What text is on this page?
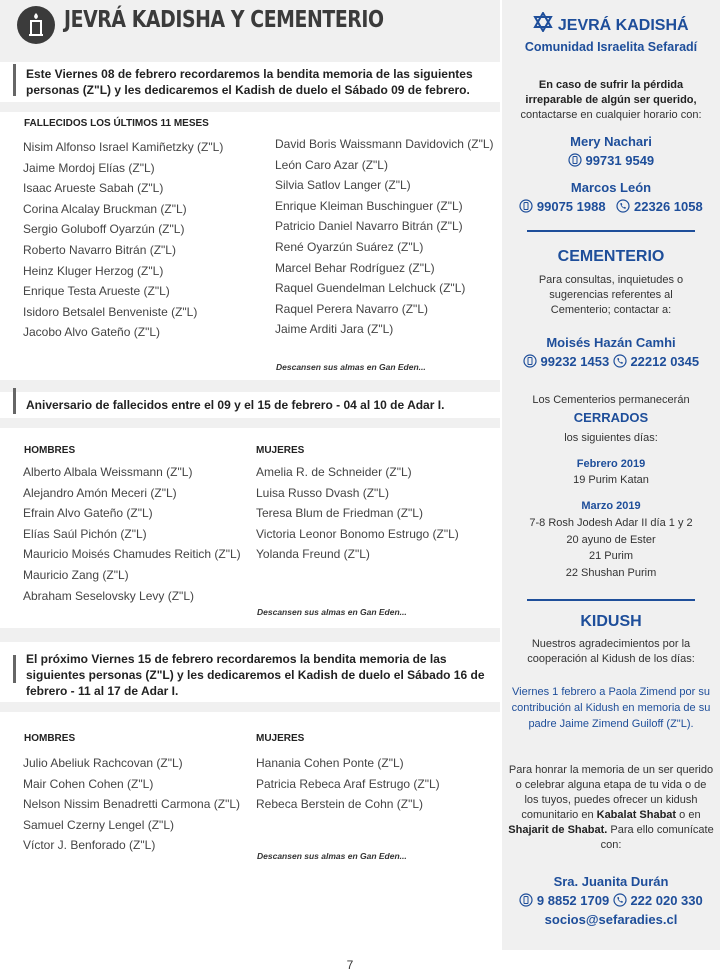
JEVRÁ KADISHA Y CEMENTERIO
Este Viernes 08 de febrero recordaremos la bendita memoria de las siguientes personas (Z"L) y les dedicaremos el Kadish de duelo el Sábado 09 de febrero.
FALLECIDOS LOS ÚLTIMOS 11 MESES
Nisim Alfonso Israel Kamiñetzky (Z"L)
Jaime Mordoj Elías (Z"L)
Isaac Arueste Sabah (Z"L)
Corina Alcalay Bruckman (Z"L)
Sergio Goluboff Oyarzún (Z"L)
Roberto Navarro Bitrán (Z"L)
Heinz Kluger Herzog (Z"L)
Enrique Testa Arueste (Z"L)
Isidoro Betsalel Benveniste (Z"L)
Jacobo Alvo Gateño (Z"L)
David Boris Waissmann Davidovich (Z"L)
León Caro Azar (Z"L)
Silvia Satlov Langer (Z"L)
Enrique Kleiman Buschinguer (Z"L)
Patricio Daniel Navarro Bitrán (Z"L)
René Oyarzún Suárez (Z"L)
Marcel Behar Rodríguez (Z"L)
Raquel Guendelman Lelchuck (Z"L)
Raquel Perera Navarro (Z"L)
Jaime Arditi Jara (Z"L)
Descansen sus almas en Gan Eden...
Aniversario de fallecidos entre el 09 y el 15 de febrero - 04 al 10 de Adar I.
HOMBRES	MUJERES
Alberto Albala Weissmann (Z"L)
Alejandro Amón Meceri (Z"L)
Efrain Alvo Gateño (Z"L)
Elías Saúl Pichón (Z"L)
Mauricio Moisés Chamudes Reitich (Z"L)
Mauricio Zang (Z"L)
Abraham Seselovsky Levy (Z"L)
Amelia R. de Schneider (Z"L)
Luisa Russo Dvash (Z"L)
Teresa Blum de Friedman (Z"L)
Victoria Leonor Bonomo Estrugo (Z"L)
Yolanda Freund (Z"L)
Descansen sus almas en Gan Eden...
El próximo Viernes 15 de febrero recordaremos la bendita memoria de las siguientes personas (Z"L) y les dedicaremos el Kadish de duelo el Sábado 16 de febrero - 11 al 17 de Adar I.
HOMBRES	MUJERES
Julio Abeliuk Rachcovan (Z"L)
Mair Cohen Cohen (Z"L)
Nelson Nissim Benadretti Carmona (Z"L)
Samuel Czerny Lengel (Z"L)
Víctor J. Benforado (Z"L)
Hanania Cohen Ponte (Z"L)
Patricia Rebeca Araf Estrugo (Z"L)
Rebeca Berstein de Cohn (Z"L)
Descansen sus almas en Gan Eden...
7
JEVRÁ KADISHÁ
Comunidad Israelita Sefaradí
En caso de sufrir la pérdida irreparable de algún ser querido, contactarse en cualquier horario con:
Mery Nachari
99731 9549
Marcos León
99075 1988 22326 1058
CEMENTERIO
Para consultas, inquietudes o sugerencias referentes al Cementerio; contactar a:
Moisés Hazán Camhi
99232 1453 22212 0345
Los Cementerios permanecerán
CERRADOS
los siguientes días:
Febrero 2019
19 Purim Katan
Marzo 2019
7-8 Rosh Jodesh Adar II día 1 y 2
20 ayuno de Ester
21 Purim
22 Shushan Purim
KIDUSH
Nuestros agradecimientos por la cooperación al Kidush de los días:
Viernes 1 febrero a Paola Zimend por su contribución al Kidush en memoria de su padre Jaime Zimend Guiloff (Z"L).
Para honrar la memoria de un ser querido o celebrar alguna etapa de tu vida o de los tuyos, puedes ofrecer un kidush comunitario en Kabalat Shabat o en Shajarit de Shabat. Para ello comunícate con:
Sra. Juanita Durán
9 8852 1709 222 020 330
socios@sefaradies.cl
